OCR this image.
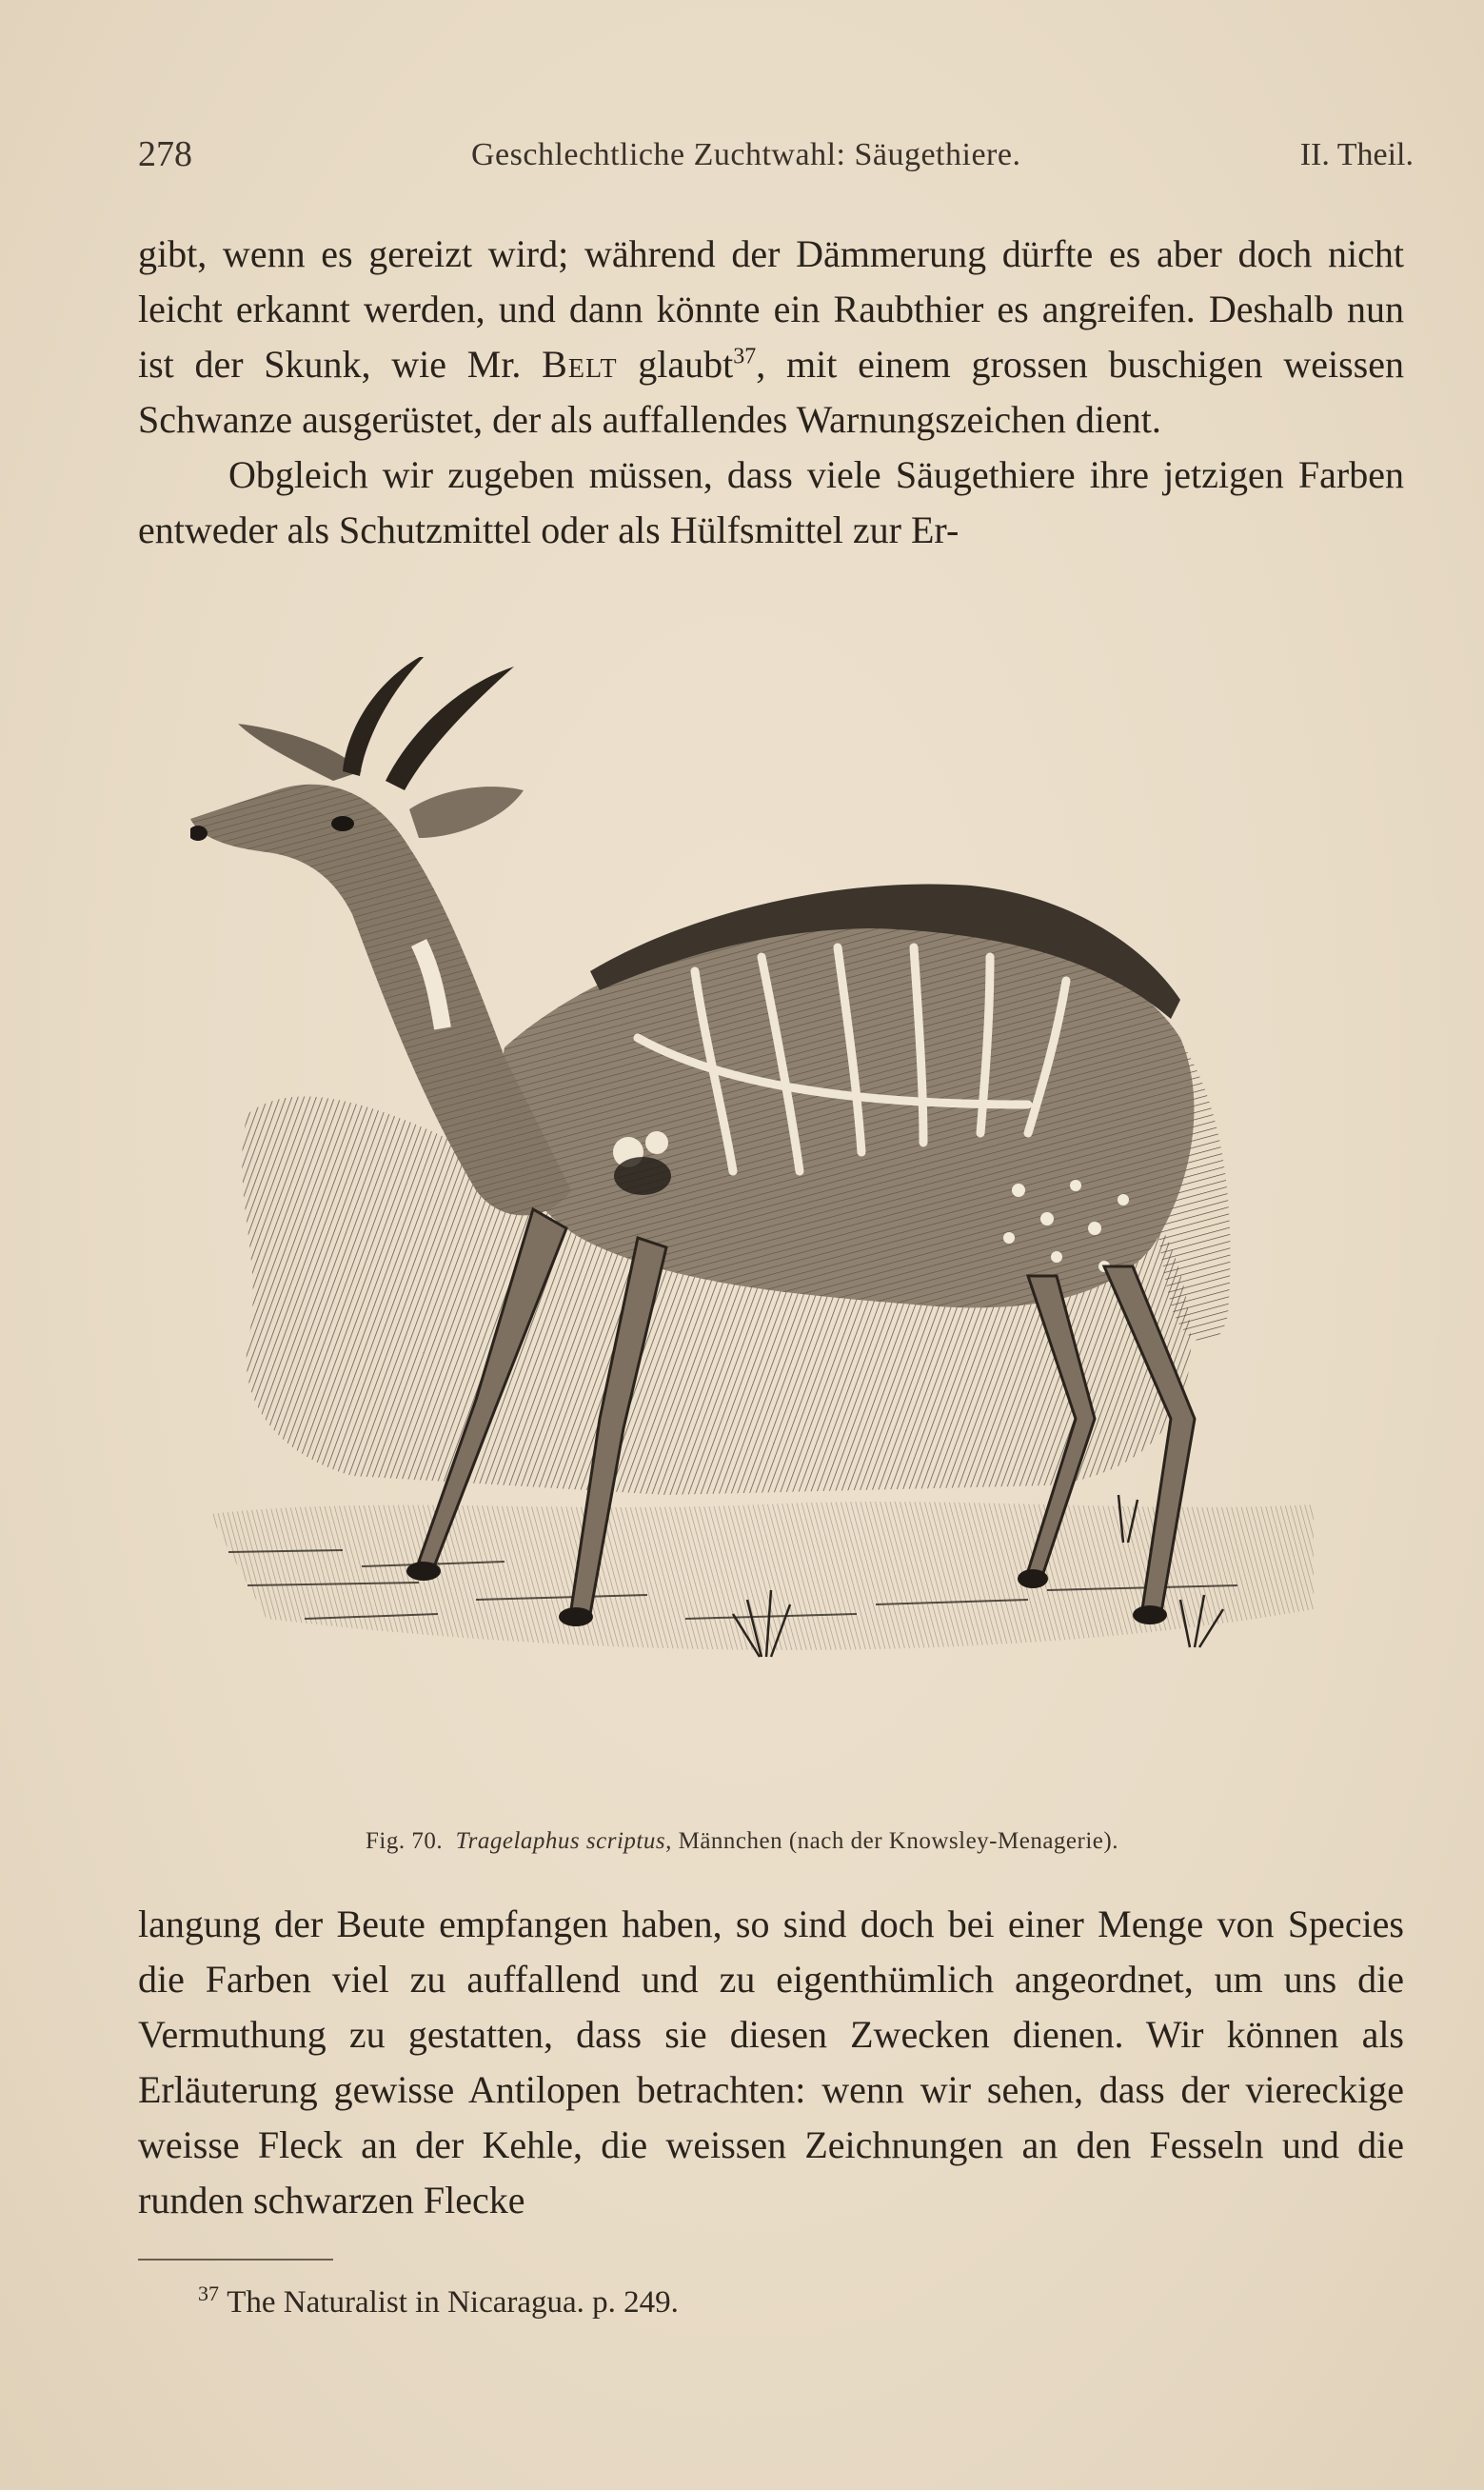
278	Geschlechtliche Zuchtwahl: Säugethiere.	II. Theil.

gibt, wenn es gereizt wird; während der Dämmerung dürfte es aber doch nicht leicht erkannt werden, und dann könnte ein Raubthier es angreifen. Deshalb nun ist der Skunk, wie Mr. Belt glaubt$^{37}$, mit einem grossen buschigen weissen Schwanze ausgerüstet, der als auffallendes Warnungszeichen dient.

Obgleich wir zugeben müssen, dass viele Säugethiere ihre jetzigen Farben entweder als Schutzmittel oder als Hülfsmittel zur Er-

Fig. 70. Tragelaphus scriptus, Männchen (nach der Knowsley-Menagerie).

langung der Beute empfangen haben, so sind doch bei einer Menge von Species die Farben viel zu auffallend und zu eigenthümlich angeordnet, um uns die Vermuthung zu gestatten, dass sie diesen Zwecken dienen. Wir können als Erläuterung gewisse Antilopen betrachten: wenn wir sehen, dass der viereckige weisse Fleck an der Kehle, die weissen Zeichnungen an den Fesseln und die runden schwarzen Flecke

$^{37}$ The Naturalist in Nicaragua. p. 249.
